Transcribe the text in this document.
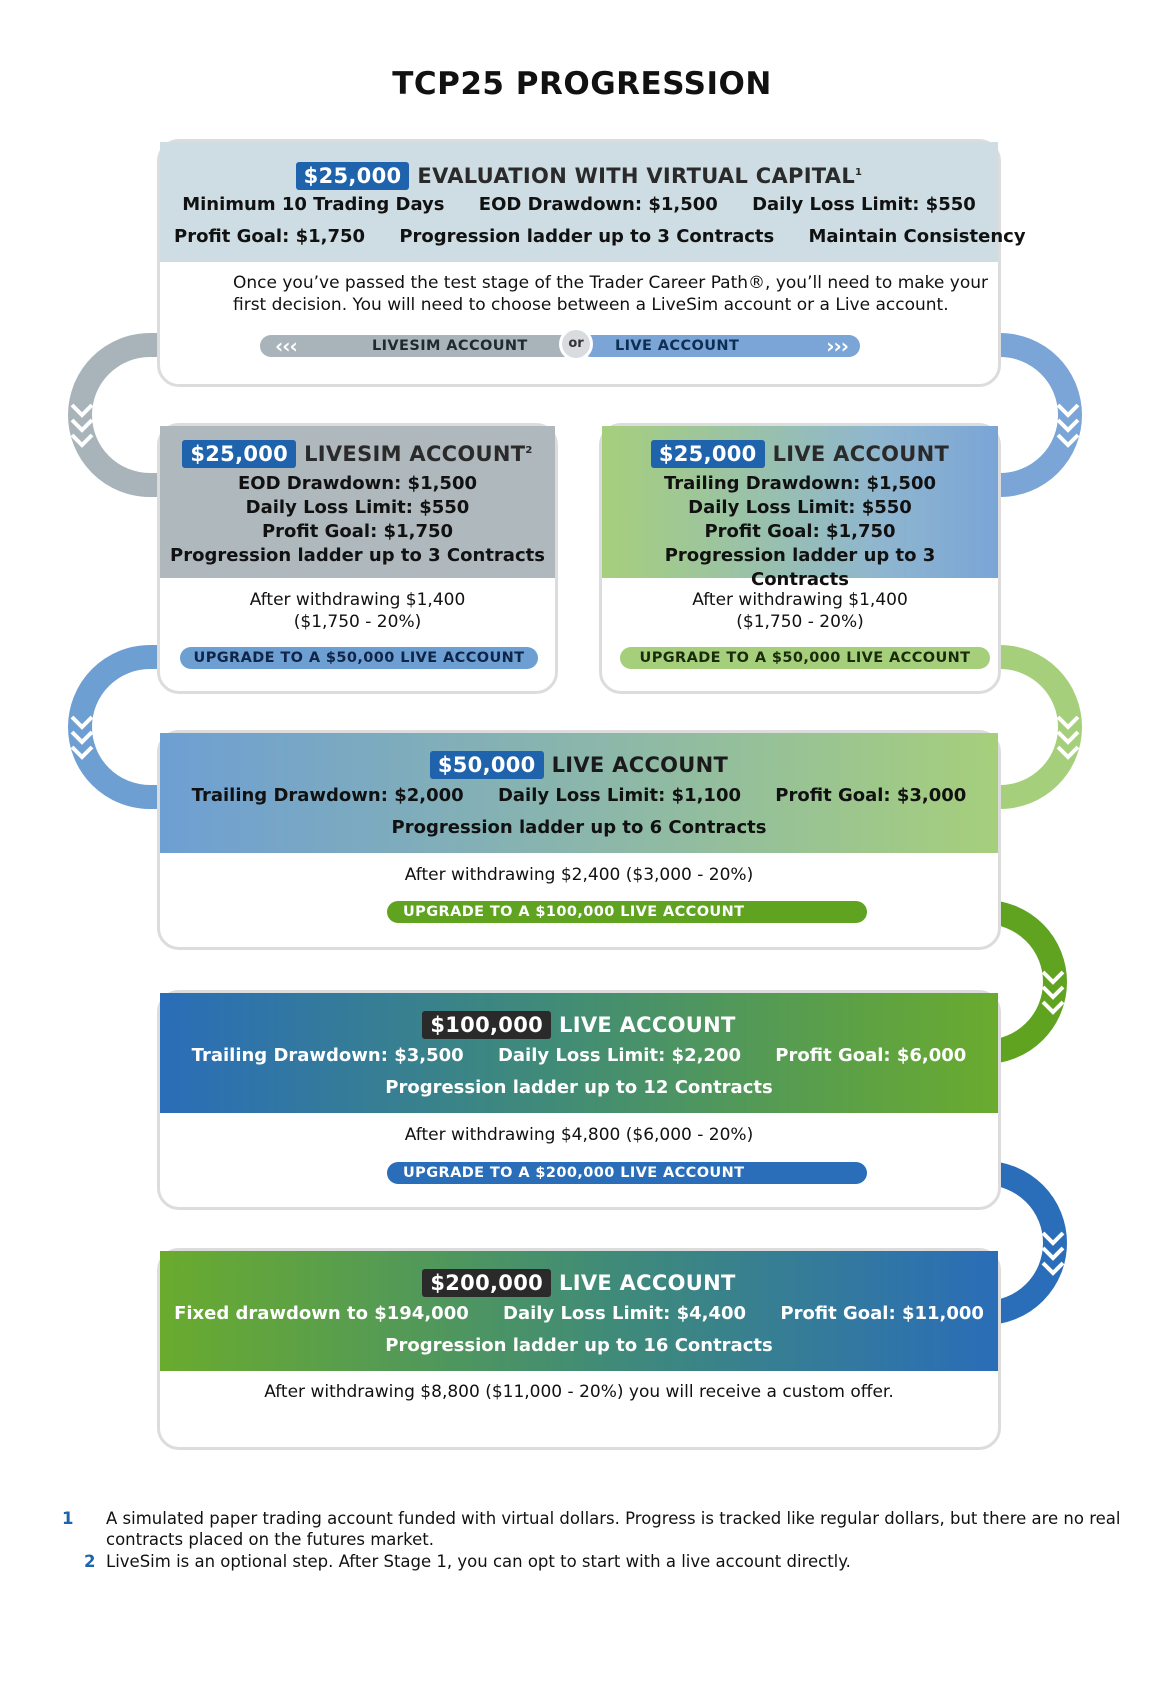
TCP25 PROGRESSION
$25,000 EVALUATION WITH VIRTUAL CAPITAL$^1$
Minimum 10 Trading Days EOD Drawdown: $1,500 Daily Loss Limit: $550
Profit Goal: $1,750 Progression ladder up to 3 Contracts Maintain Consistency
Once you’ve passed the test stage of the Trader Career Path®, you’ll need to make your
first decision. You will need to choose between a LiveSim account or a Live account.
‹‹‹	LIVESIM ACCOUNT	LIVE ACCOUNT	›››
or
$25,000 LIVESIM ACCOUNT$^2$
EOD Drawdown: $1,500
Daily Loss Limit: $550
Profit Goal: $1,750
Progression ladder up to 3 Contracts
After withdrawing $1,400
($1,750 - 20%)
UPGRADE TO A $50,000 LIVE ACCOUNT
$25,000 LIVE ACCOUNT
Trailing Drawdown: $1,500
Daily Loss Limit: $550
Profit Goal: $1,750
Progression ladder up to 3
Contracts
After withdrawing $1,400
($1,750 - 20%)
UPGRADE TO A $50,000 LIVE ACCOUNT
$50,000 LIVE ACCOUNT
Trailing Drawdown: $2,000 Daily Loss Limit: $1,100 Profit Goal: $3,000
Progression ladder up to 6 Contracts
After withdrawing $2,400 ($3,000 - 20%)
UPGRADE TO A $100,000 LIVE ACCOUNT
$100,000 LIVE ACCOUNT
Trailing Drawdown: $3,500 Daily Loss Limit: $2,200 Profit Goal: $6,000
Progression ladder up to 12 Contracts
After withdrawing $4,800 ($6,000 - 20%)
UPGRADE TO A $200,000 LIVE ACCOUNT
$200,000 LIVE ACCOUNT
Fixed drawdown to $194,000 Daily Loss Limit: $4,400 Profit Goal: $11,000
Progression ladder up to 16 Contracts
After withdrawing $8,800 ($11,000 - 20%) you will receive a custom offer.
1 A simulated paper trading account funded with virtual dollars. Progress is tracked like regular dollars, but there are no real contracts placed on the futures market.
2 LiveSim is an optional step. After Stage 1, you can opt to start with a live account directly.
